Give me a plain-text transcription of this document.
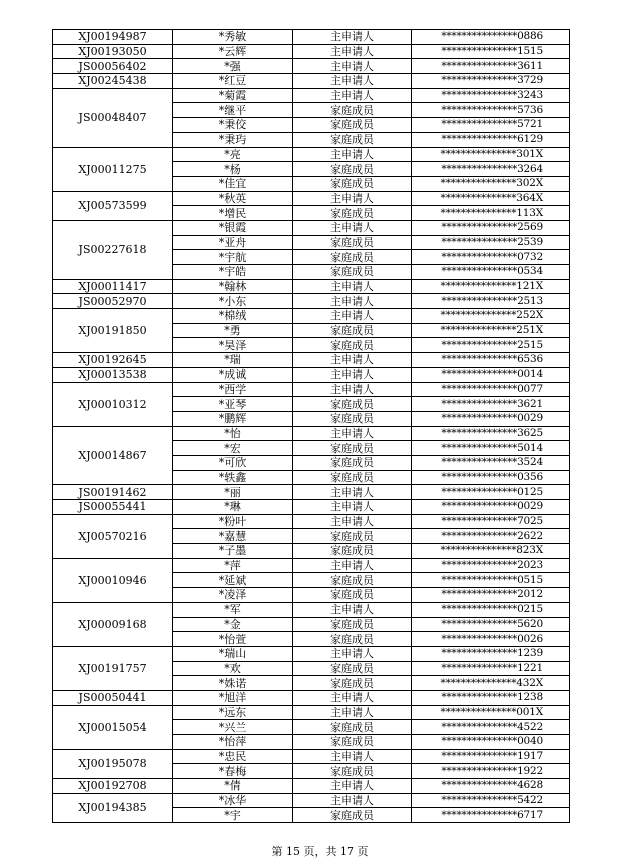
XJ00194987	*秀敏	主申请人	***************0886
XJ00193050	*云辉	主申请人	***************1515
JS00056402	*强	主申请人	***************3611
XJ00245438	*红豆	主申请人	***************3729
JS00048407	*菊霞	主申请人	***************3243
	*继平	家庭成员	***************5736
	*秉佼	家庭成员	***************5721
	*秉玙	家庭成员	***************6129
XJ00011275	*亮	主申请人	***************301X
	*杨	家庭成员	***************3264
	*佳宜	家庭成员	***************302X
XJ00573599	*秋英	主申请人	***************364X
	*增民	家庭成员	***************113X
JS00227618	*银霞	主申请人	***************2569
	*亚舟	家庭成员	***************2539
	*宇航	家庭成员	***************0732
	*宇皓	家庭成员	***************0534
XJ00011417	*翰林	主申请人	***************121X
JS00052970	*小东	主申请人	***************2513
XJ00191850	*棉绒	主申请人	***************252X
	*勇	家庭成员	***************251X
	*昊泽	家庭成员	***************2515
XJ00192645	*瑞	主申请人	***************6536
XJ00013538	*成诚	主申请人	***************0014
XJ00010312	*西学	主申请人	***************0077
	*亚琴	家庭成员	***************3621
	*鹏辉	家庭成员	***************0029
XJ00014867	*怡	主申请人	***************3625
	*宏	家庭成员	***************5014
	*可欣	家庭成员	***************3524
	*轶鑫	家庭成员	***************0356
JS00191462	*丽	主申请人	***************0125
JS00055441	*琳	主申请人	***************0029
XJ00570216	*粉叶	主申请人	***************7025
	*嘉慧	家庭成员	***************2622
	*子墨	家庭成员	***************823X
XJ00010946	*萍	主申请人	***************2023
	*延斌	家庭成员	***************0515
	*凌泽	家庭成员	***************2012
XJ00009168	*军	主申请人	***************0215
	*金	家庭成员	***************5620
	*怡萱	家庭成员	***************0026
XJ00191757	*瑞山	主申请人	***************1239
	*欢	家庭成员	***************1221
	*姝诺	家庭成员	***************432X
JS00050441	*旭洋	主申请人	***************1238
XJ00015054	*远东	主申请人	***************001X
	*兴兰	家庭成员	***************4522
	*怡萍	家庭成员	***************0040
XJ00195078	*忠民	主申请人	***************1917
	*春梅	家庭成员	***************1922
XJ00192708	*倩	主申请人	***************4628
XJ00194385	*冰华	主申请人	***************5422
	*宇	家庭成员	***************6717
第 15 页，共 17 页
